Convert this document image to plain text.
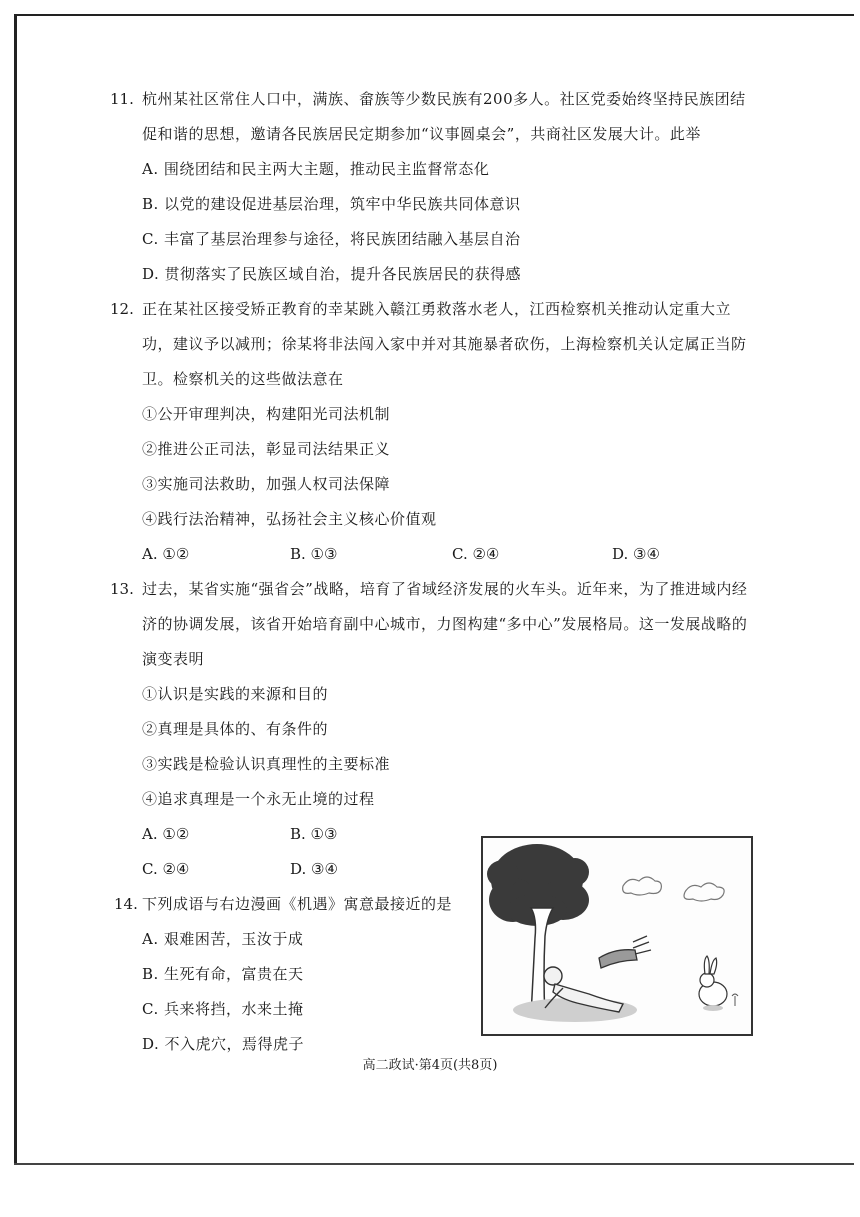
11. 杭州某社区常住人口中，满族、畲族等少数民族有200多人。社区党委始终坚持民族团结
促和谐的思想，邀请各民族居民定期参加“议事圆桌会”，共商社区发展大计。此举
A. 围绕团结和民主两大主题，推动民主监督常态化
B. 以党的建设促进基层治理，筑牢中华民族共同体意识
C. 丰富了基层治理参与途径，将民族团结融入基层自治
D. 贯彻落实了民族区域自治，提升各民族居民的获得感
12. 正在某社区接受矫正教育的幸某跳入赣江勇救落水老人，江西检察机关推动认定重大立
功，建议予以减刑；徐某将非法闯入家中并对其施暴者砍伤，上海检察机关认定属正当防
卫。检察机关的这些做法意在
①公开审理判决，构建阳光司法机制
②推进公正司法，彰显司法结果正义
③实施司法救助，加强人权司法保障
④践行法治精神，弘扬社会主义核心价值观
A. ①②	B. ①③	C. ②④	D. ③④
13. 过去，某省实施“强省会”战略，培育了省域经济发展的火车头。近年来，为了推进域内经
济的协调发展，该省开始培育副中心城市，力图构建“多中心”发展格局。这一发展战略的
演变表明
①认识是实践的来源和目的
②真理是具体的、有条件的
③实践是检验认识真理性的主要标准
④追求真理是一个永无止境的过程
A. ①②	B. ①③
C. ②④	D. ③④
14. 下列成语与右边漫画《机遇》寓意最接近的是
A. 艰难困苦，玉汝于成
B. 生死有命，富贵在天
C. 兵来将挡，水来土掩
D. 不入虎穴，焉得虎子
高二政试·第4页(共8页)
